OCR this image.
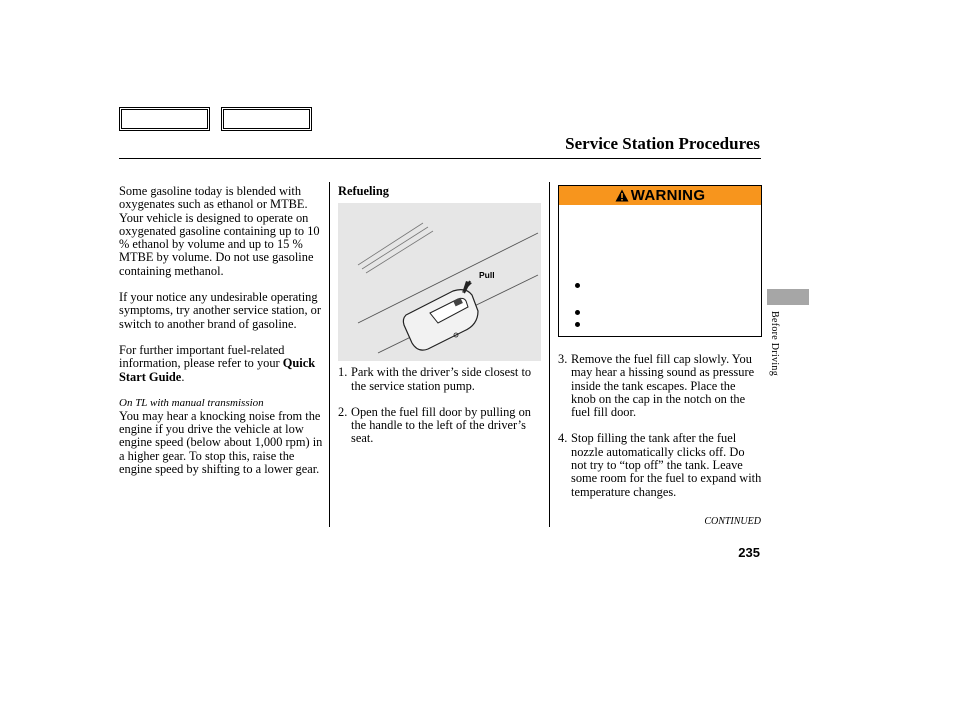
Service Station Procedures

Some gasoline today is blended with oxygenates such as ethanol or MTBE. Your vehicle is designed to operate on oxygenated gasoline containing up to 10 % ethanol by volume and up to 15 % MTBE by volume. Do not use gasoline containing methanol.

If your notice any undesirable operating symptoms, try another service station, or switch to another brand of gasoline.

For further important fuel-related information, please refer to your Quick Start Guide.

On TL with manual transmission

You may hear a knocking noise from the engine if you drive the vehicle at low engine speed (below about 1,000 rpm) in a higher gear. To stop this, raise the engine speed by shifting to a lower gear.

Refueling

Pull
1. Park with the driver’s side closest to the service station pump.
2. Open the fuel fill door by pulling on the handle to the left of the driver’s seat.
WARNING
3. Remove the fuel fill cap slowly. You may hear a hissing sound as pressure inside the tank escapes. Place the knob on the cap in the notch on the fuel fill door.
4. Stop filling the tank after the fuel nozzle automatically clicks off. Do not try to “top off” the tank. Leave some room for the fuel to expand with temperature changes.
Before Driving
CONTINUED
235
